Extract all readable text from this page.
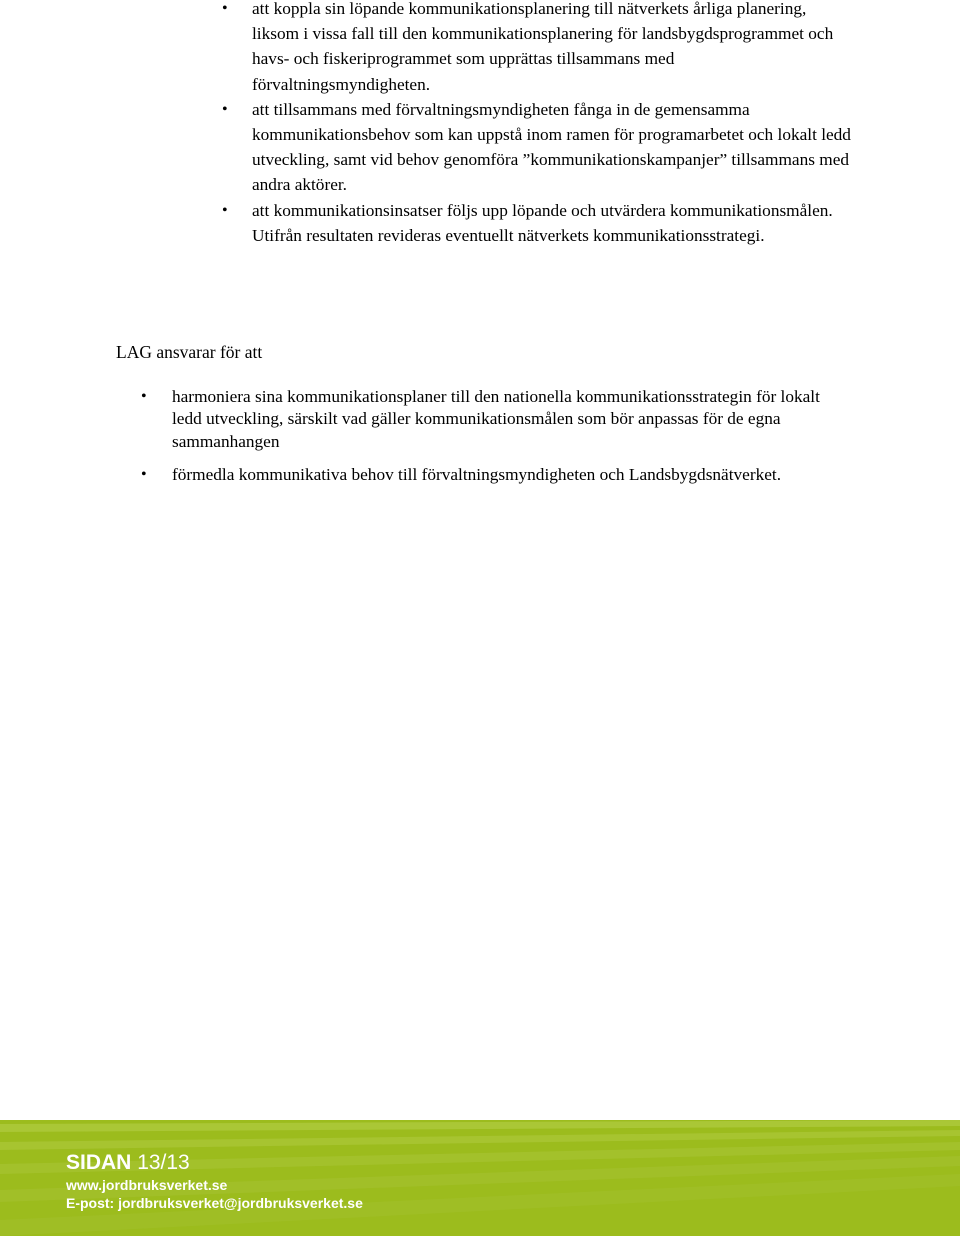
• att koppla sin löpande kommunikationsplanering till nätverkets årliga planering, liksom i vissa fall till den kommunikationsplanering för landsbygdsprogrammet och havs- och fiskeriprogrammet som upprättas tillsammans med förvaltningsmyndigheten.
• att tillsammans med förvaltningsmyndigheten fånga in de gemensamma kommunikationsbehov som kan uppstå inom ramen för programarbetet och lokalt ledd utveckling, samt vid behov genomföra ”kommunikationskampanjer” tillsammans med andra aktörer.
• att kommunikationsinsatser följs upp löpande och utvärdera kommunikationsmålen. Utifrån resultaten revideras eventuellt nätverkets kommunikationsstrategi.
LAG ansvarar för att
• harmoniera sina kommunikationsplaner till den nationella kommunikationsstrategin för lokalt ledd utveckling, särskilt vad gäller kommunikationsmålen som bör anpassas för de egna sammanhangen
• förmedla kommunikativa behov till förvaltningsmyndigheten och Landsbygdsnätverket.
SIDAN 13/13
www.jordbruksverket.se
E-post: jordbruksverket@jordbruksverket.se
